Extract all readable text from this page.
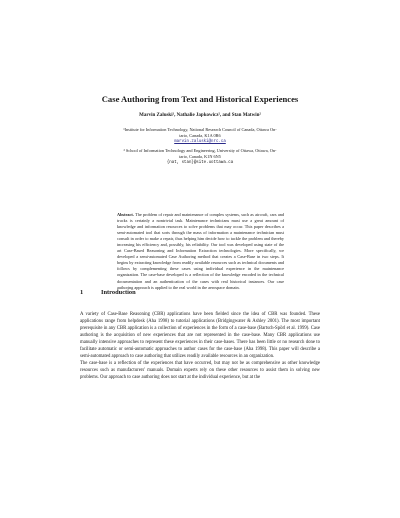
Case Authoring from Text and Historical Experiences
Marvin Zaluski¹, Nathalie Japkowicz², and Stan Matwin²
¹Institute for Information Technology, National Research Council of Canada, Ottawa On-
tario, Canada, K1A 0R6
marvin.zaluski@nrc.ca
² School of Information Technology and Engineering, University of Ottawa, Ottawa, On-
tario, Canada, K1N 6N5
{nat, stan}@site.uottawa.ca
Abstract. The problem of repair and maintenance of complex systems, such as aircraft, cars and trucks is certainly a nontrivial task. Maintenance technicians must use a great amount of knowledge and information resources to solve problems that may occur. This paper describes a semi-automated tool that sorts through the mass of information a maintenance technician must consult in order to make a repair, thus helping him decide how to tackle the problem and thereby increasing his efficiency and, possibly, his reliability. Our tool was developed using state of the art Case-Based Reasoning and Information Extraction technologies. More specifically, we developed a semi-automated Case Authoring method that creates a Case-Base in two steps. It begins by extracting knowledge from readily available resources such as technical documents and follows by complementing these cases using individual experience in the maintenance organization. The case-base developed is a reflection of the knowledge encoded in the technical documentation and an authentication of the cases with real historical instances. Our case authoring approach is applied to the real world in the aerospace domain.
1	Introduction

A variety of Case-Base Reasoning (CBR) applications have been fielded since the idea of CBR was founded. These applications range from helpdesk (Aha 1998) to tutorial applications (Bridgingwater & Ashley 2001). The most important prerequisite in any CBR application is a collection of experiences in the form of a case-base (Bartsch-Spörl et al. 1999). Case authoring is the acquisition of new experiences that are not represented in the case-base. Many CBR applications use manually intensive approaches to represent these experiences in their case-bases. There has been little or no research done to facilitate automatic or semi-automatic approaches to author cases for the case-base (Aha 1998). This paper will describe a semi-automated approach to case authoring that utilizes readily available resources in an organization.

The case-base is a reflection of the experiences that have occurred, but may not be as comprehensive as other knowledge resources such as manufacturers' manuals. Domain experts rely on these other resources to assist them in solving new problems. Our approach to case authoring does not start at the individual experience, but at the
